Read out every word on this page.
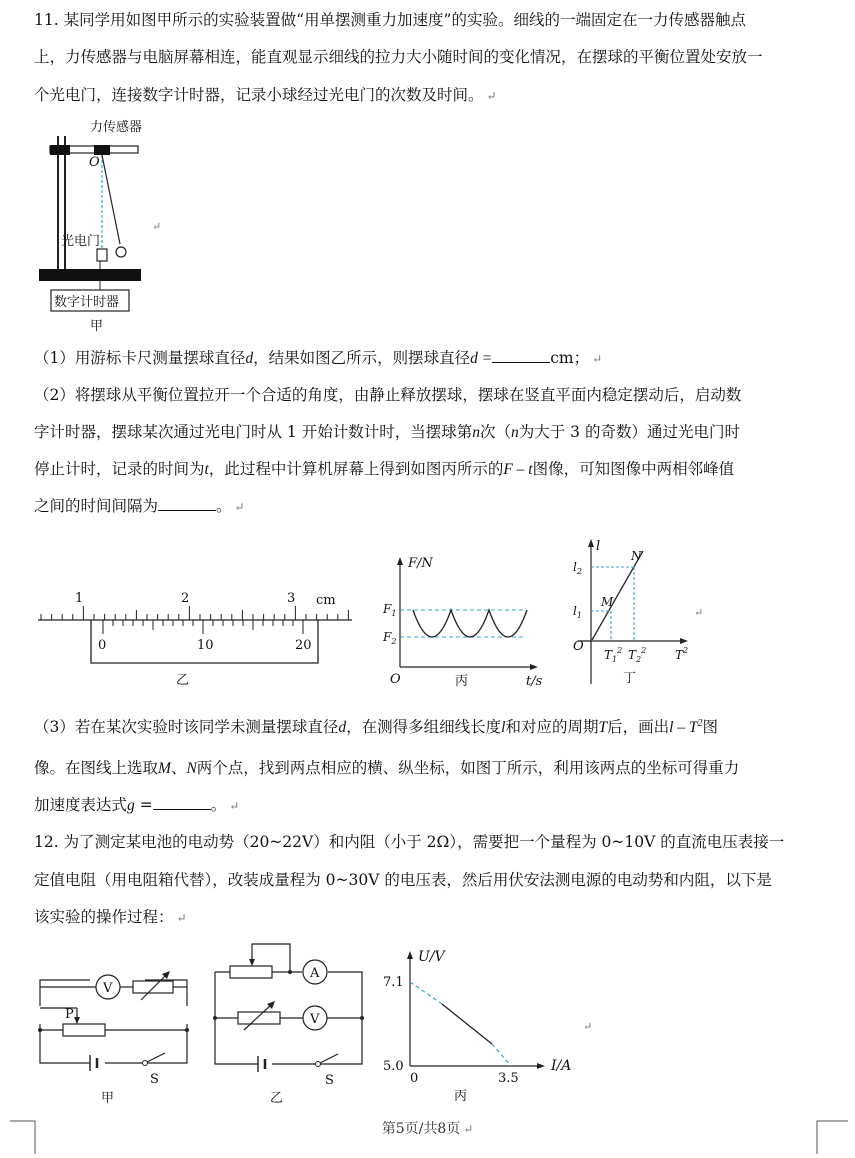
11. 某同学用如图甲所示的实验装置做“用单摆测重力加速度”的实验。细线的一端固定在一力传感器触点
上，力传感器与电脑屏幕相连，能直观显示细线的拉力大小随时间的变化情况，在摆球的平衡位置处安放一
个光电门，连接数字计时器，记录小球经过光电门的次数及时间。 ↵
力传感器
O
光电门
数字计时器
甲
↵
（1）用游标卡尺测量摆球直径d，结果如图乙所示，则摆球直径d =	cm； ↵
（2）将摆球从平衡位置拉开一个合适的角度，由静止释放摆球，摆球在竖直平面内稳定摆动后，启动数
字计时器，摆球某次通过光电门时从 1 开始计数计时，当摆球第n次（n为大于 3 的奇数）通过光电门时
停止计时，记录的时间为t，此过程中计算机屏幕上得到如图丙所示的F – t图像，可知图像中两相邻峰值
之间的时间间隔为	。 ↵
1	2	3 cm
0	10	20
乙
F/N
t/s
O
$F_1$
$F_2$
丙
l
$T^2$
O
N
M
$l_2$
$l_1$
$T_1^2$ $T_2^2$
丁
↵
（3）若在某次实验时该同学未测量摆球直径d，在测得多组细线长度l和对应的周期T后，画出l – $T^2$图
像。在图线上选取M、N两个点，找到两点相应的横、纵坐标，如图丁所示，利用该两点的坐标可得重力
加速度表达式g =	。 ↵
12. 为了测定某电池的电动势（20~22V）和内阻（小于 2Ω），需要把一个量程为 0~10V 的直流电压表接一
定值电阻（用电阻箱代替），改装成量程为 0~30V 的电压表，然后用伏安法测电源的电动势和内阻，以下是
该实验的操作过程： ↵
V
P
S
甲
A
V
S
乙
U/V
I/A
7.1
5.0
0	3.5
丙
↵
第5页/共8页 ↵
